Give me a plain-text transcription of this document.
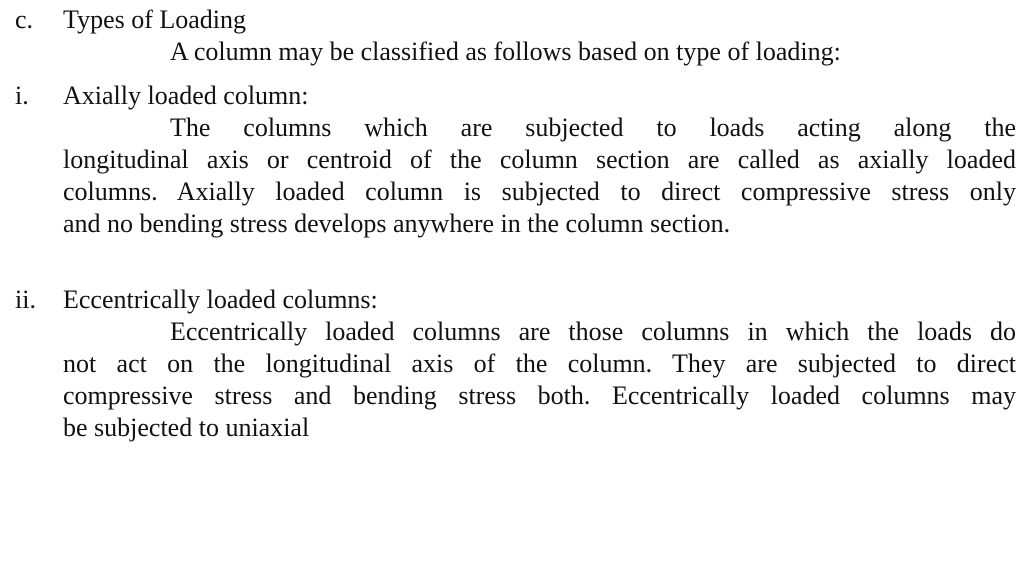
c. Types of Loading
A column may be classified as follows based on type of loading:
i. Axially loaded column:
The columns which are subjected to loads acting along the
longitudinal axis or centroid of the column section are called as axially loaded
columns. Axially loaded column is subjected to direct compressive stress only
and no bending stress develops anywhere in the column section.
ii. Eccentrically loaded columns:
Eccentrically loaded columns are those columns in which the loads do
not act on the longitudinal axis of the column. They are subjected to direct
compressive stress and bending stress both. Eccentrically loaded columns may
be subjected to uniaxial
